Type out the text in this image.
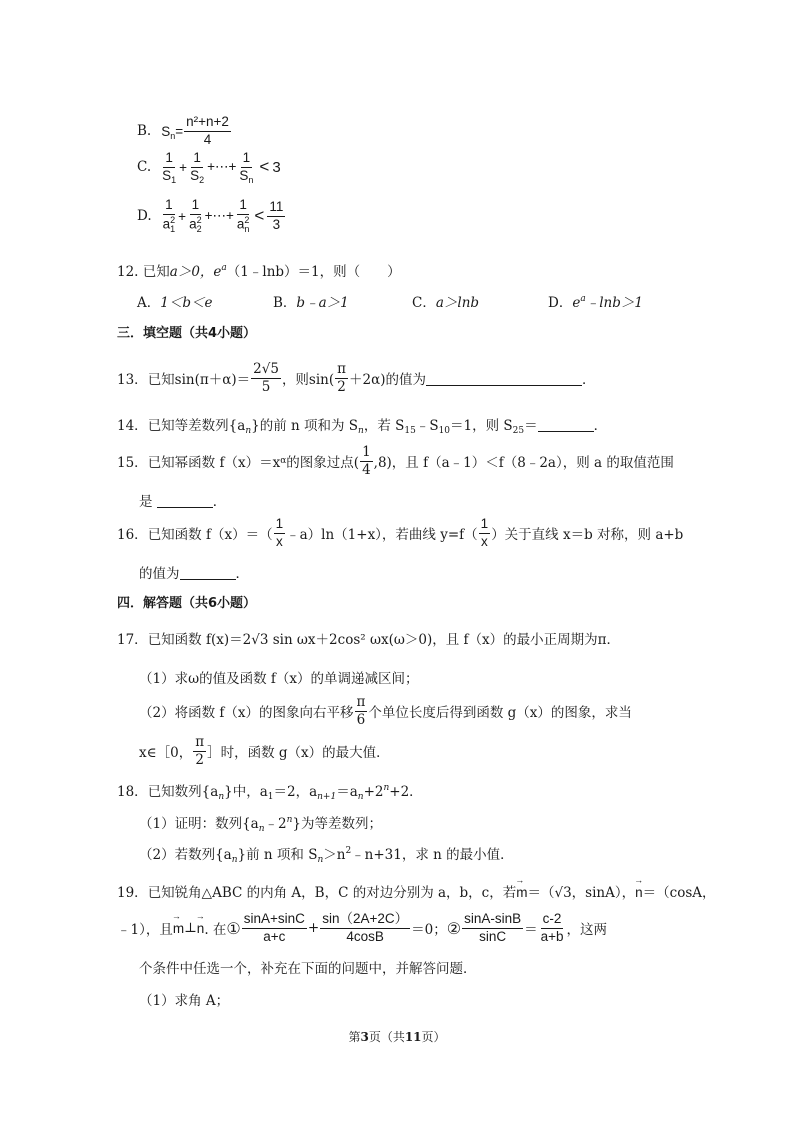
B. $S_n= \frac{\text{n²+n+2}}{4}$
C. $\frac{1}{S_1} + \frac{1}{S_2}$ +⋯+ $\frac{1}{S_n} < 3$
D. 1
a 2
1 + 1
a 2
2 +⋯+ 1
a 2
$n < \frac{11}{3}$
12. 已知a＞0，$e^a(1﹣\ln b)=1$，则（　　）
A．1＜b＜e	B．b﹣a＞1	C．a＞lnb	D．$e^a﹣\ln b>1$
三．填空题（共4小题）
13． 已知$\sin(\pi+\alpha)= \frac{2√5}{5}$ ，则$\sin( \frac{\pi}{2} +2\alpha)$的值为	．
14．已知等差数列$\{a_n\}$的前 n 项和为 $S_n$，若 $S_{15}﹣S_{10}=1$，则 $S_{25}=$	．
15． 已知幂函数 f（x）＝x α 的图象过点( $\frac{1}{4} ,8$)，且 f（a﹣1）＜f（8﹣2a），则 a 的取值范围
是	．
16． 已知函数 $f(x)=( \frac{1}{x}$ ﹣a）ln（1+x），若曲线 $y=f( \frac{1}{x}$ ）关于直线 x＝b 对称，则 a+b
的值为	．
四．解答题（共6小题）
17．已知函数 f(x)＝2√3 sin ωx＋2cos² ωx(ω＞0)，且 f（x）的最小正周期为π．
（1）求ω的值及函数 f（x）的单调递减区间；
（2）将函数 f（x）的图象向右平移 $\frac{\pi}{6}$ 个单位长度后得到函数 g（x）的图象，求当
x∈［0， $\frac{\pi}{2}$ ］时，函数 g（x）的最大值．
18．已知数列$\{a_n\}$中，$a_1=2$，$a_{n+1}=a_n+2^n+2$．
（1）证明：数列$\{a_n﹣2^n\}$为等差数列；
（2）若数列$\{a_n\}$前 n 项和 $S_n>n^2﹣n+31$，求 n 的最小值．
19．已知锐角△ABC 的内角 A，B，C 的对边分别为 a，b，c，若→ m＝（√3，sinA），→ n＝（cosA，
﹣1），且 → m ⊥ → n . 在 ① $\frac{\sin A+\sin C}{a+c} + \frac{\sin(2A+2C)}{4\cos B} =0$； ② $\frac{\sin A-\sin B}{\sin C} = \frac{c-2}{a+b}$ ，这两
个条件中任选一个，补充在下面的问题中，并解答问题．
（1）求角 A；
第3页（共11页）
